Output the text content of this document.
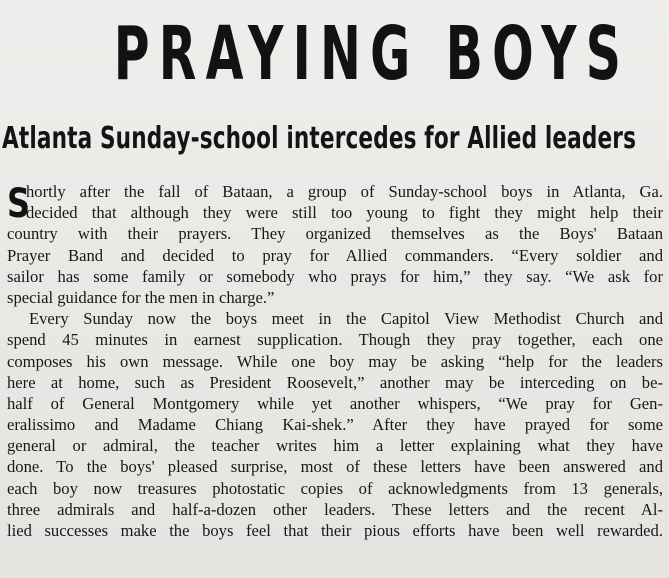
PRAYING BOYS
Atlanta Sunday-school intercedes for Allied leaders
S
hortly after the fall of Bataan, a group of Sunday-school boys in Atlanta, Ga.
decided that although they were still too young to fight they might help their
country with their prayers. They organized themselves as the Boys' Bataan
Prayer Band and decided to pray for Allied commanders. “Every soldier and
sailor has some family or somebody who prays for him,” they say. “We ask for
special guidance for the men in charge.”
Every Sunday now the boys meet in the Capitol View Methodist Church and
spend 45 minutes in earnest supplication. Though they pray together, each one
composes his own message. While one boy may be asking “help for the leaders
here at home, such as President Roosevelt,” another may be interceding on be-
half of General Montgomery while yet another whispers, “We pray for Gen-
eralissimo and Madame Chiang Kai-shek.” After they have prayed for some
general or admiral, the teacher writes him a letter explaining what they have
done. To the boys' pleased surprise, most of these letters have been answered and
each boy now treasures photostatic copies of acknowledgments from 13 generals,
three admirals and half-a-dozen other leaders. These letters and the recent Al-
lied successes make the boys feel that their pious efforts have been well rewarded.
